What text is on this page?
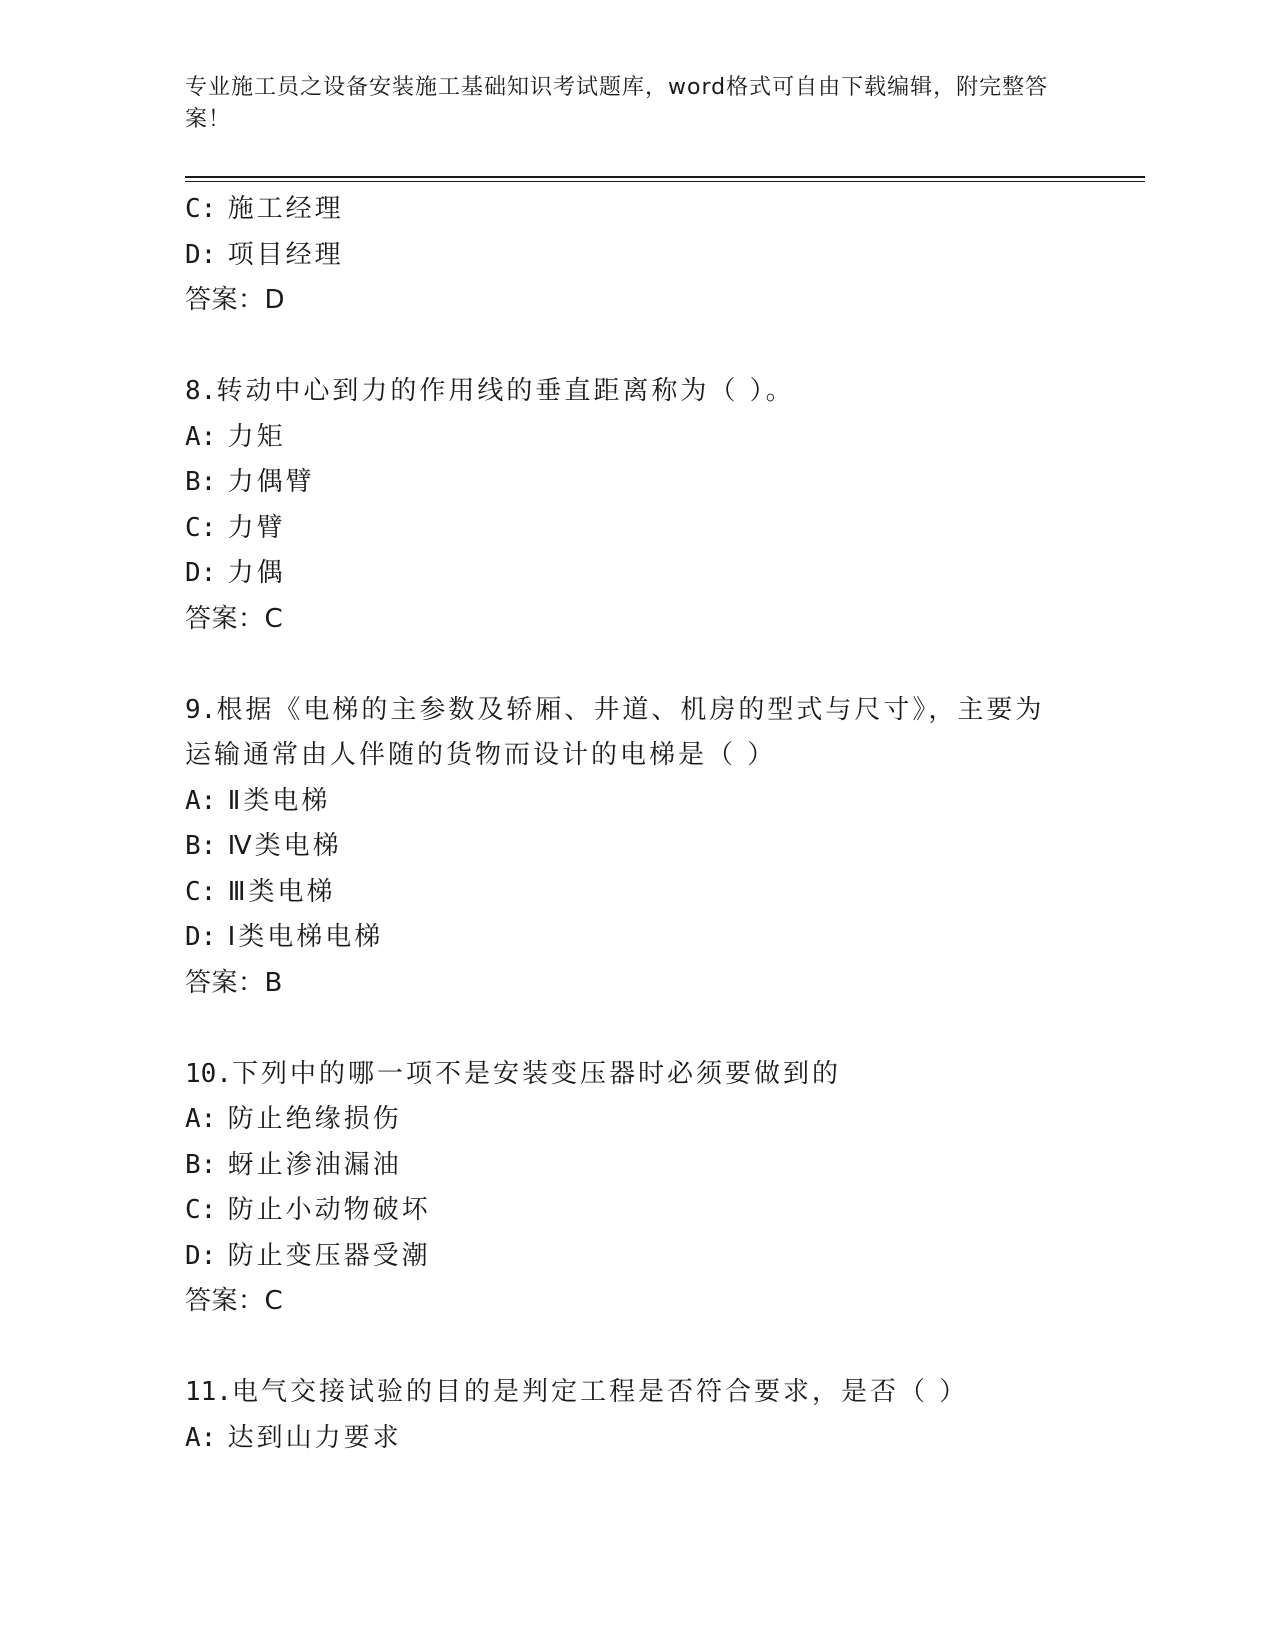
专业施工员之设备安装施工基础知识考试题库，word格式可自由下载编辑，附完整答案！
C: 施工经理
D: 项目经理
答案：D
8.转动中心到力的作用线的垂直距离称为（ ）。
A: 力矩
B: 力偶臂
C: 力臂
D: 力偶
答案：C
9.根据《电梯的主参数及轿厢、井道、机房的型式与尺寸》，主要为
运输通常由人伴随的货物而设计的电梯是（ ）
A: Ⅱ类电梯
B: Ⅳ类电梯
C: Ⅲ类电梯
D: Ⅰ类电梯电梯
答案：B
10.下列中的哪一项不是安装变压器时必须要做到的
A: 防止绝缘损伤
B: 蚜止渗油漏油
C: 防止小动物破坏
D: 防止变压器受潮
答案：C
11.电气交接试验的目的是判定工程是否符合要求，是否（ ）
A: 达到山力要求
